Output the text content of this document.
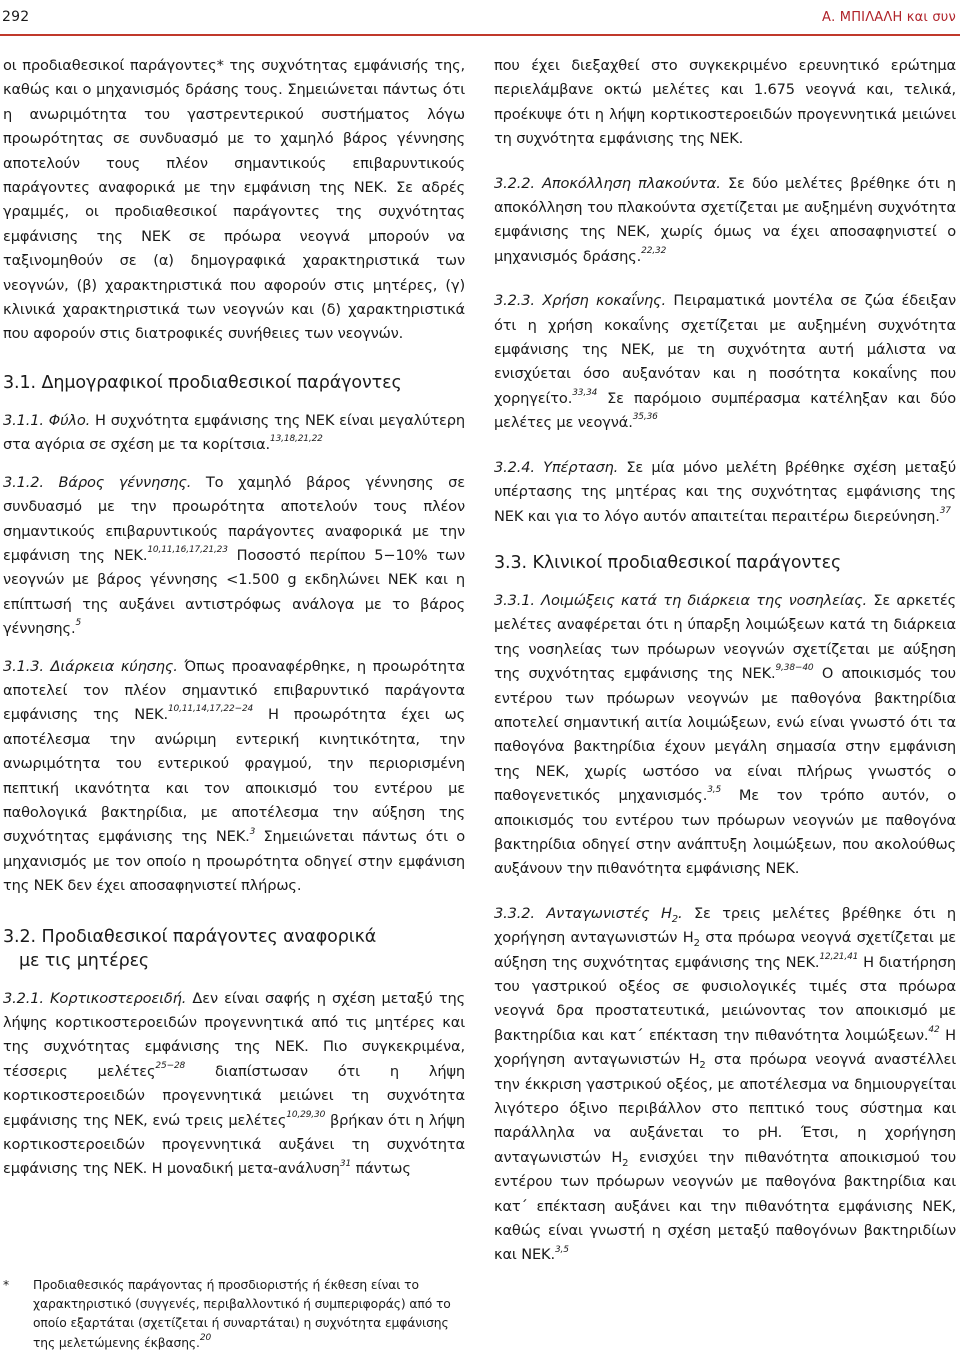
292	Α. ΜΠΙΛΑΛΗ και συν

οι προδιαθεσικοί παράγοντες* της συχνότητας εμφάνισής της, καθώς και ο μηχανισμός δράσης τους. Σημειώνεται πάντως ότι η ανωριμότητα του γαστρεντερικού συστήματος λόγω προωρότητας σε συνδυασμό με το χαμηλό βάρος γέννησης αποτελούν τους πλέον σημαντικούς επιβαρυντικούς παράγοντες αναφορικά με την εμφάνιση της ΝΕΚ. Σε αδρές γραμμές, οι προδιαθεσικοί παράγοντες της συχνότητας εμφάνισης της ΝΕΚ σε πρόωρα νεογνά μπορούν να ταξινομηθούν σε (α) δημογραφικά χαρακτηριστικά των νεογνών, (β) χαρακτηριστικά που αφορούν στις μητέρες, (γ) κλινικά χαρακτηριστικά των νεογνών και (δ) χαρακτηριστικά που αφορούν στις διατροφικές συνήθειες των νεογνών.

3.1. Δημογραφικοί προδιαθεσικοί παράγοντες

3.1.1. Φύλο. Η συχνότητα εμφάνισης της ΝΕΚ είναι μεγαλύτερη στα αγόρια σε σχέση με τα κορίτσια.$^{13,18,21,22}$

3.1.2. Βάρος γέννησης. Το χαμηλό βάρος γέννησης σε συνδυασμό με την προωρότητα αποτελούν τους πλέον σημαντικούς επιβαρυντικούς παράγοντες αναφορικά με την εμφάνιση της ΝΕΚ.$^{10,11,16,17,21,23}$ Ποσοστό περίπου 5−10% των νεογνών με βάρος γέννησης <1.500 g εκδηλώνει ΝΕΚ και η επίπτωσή της αυξάνει αντιστρόφως ανάλογα με το βάρος γέννησης.$^5$

3.1.3. Διάρκεια κύησης. Όπως προαναφέρθηκε, η προωρότητα αποτελεί τον πλέον σημαντικό επιβαρυντικό παράγοντα εμφάνισης της ΝΕΚ.$^{10,11,14,17,22-24}$ Η προωρότητα έχει ως αποτέλεσμα την ανώριμη εντερική κινητικότητα, την ανωριμότητα του εντερικού φραγμού, την περιορισμένη πεπτική ικανότητα και τον αποικισμό του εντέρου με παθολογικά βακτηρίδια, με αποτέλεσμα την αύξηση της συχνότητας εμφάνισης της ΝΕΚ.$^3$ Σημειώνεται πάντως ότι ο μηχανισμός με τον οποίο η προωρότητα οδηγεί στην εμφάνιση της ΝΕΚ δεν έχει αποσαφηνιστεί πλήρως.

3.2. Προδιαθεσικοί παράγοντες αναφορικά
με τις μητέρες

3.2.1. Κορτικοστεροειδή. Δεν είναι σαφής η σχέση μεταξύ της λήψης κορτικοστεροειδών προγεννητικά από τις μητέρες και της συχνότητας εμφάνισης της ΝΕΚ. Πιο συγκεκριμένα, τέσσερις μελέτες$^{25-28}$ διαπίστωσαν ότι η λήψη κορτικοστεροειδών προγεννητικά μειώνει τη συχνότητα εμφάνισης της ΝΕΚ, ενώ τρεις μελέτες$^{10,29,30}$ βρήκαν ότι η λήψη κορτικοστεροειδών προγεννητικά αυξάνει τη συχνότητα εμφάνισης της ΝΕΚ. Η μοναδική μετα-ανάλυση$^{31}$ πάντως

*	Προδιαθεσικός παράγοντας ή προσδιοριστής ή έκθεση είναι το χαρακτηριστικό (συγγενές, περιβαλλοντικό ή συμπεριφοράς) από το οποίο εξαρτάται (σχετίζεται ή συναρτάται) η συχνότητα εμφάνισης της μελετώμενης έκβασης.$^{20}$

που έχει διεξαχθεί στο συγκεκριμένο ερευνητικό ερώτημα περιελάμβανε οκτώ μελέτες και 1.675 νεογνά και, τελικά, προέκυψε ότι η λήψη κορτικοστεροειδών προγεννητικά μειώνει τη συχνότητα εμφάνισης της ΝΕΚ.

3.2.2. Αποκόλληση πλακούντα. Σε δύο μελέτες βρέθηκε ότι η αποκόλληση του πλακούντα σχετίζεται με αυξημένη συχνότητα εμφάνισης της ΝΕΚ, χωρίς όμως να έχει αποσαφηνιστεί ο μηχανισμός δράσης.$^{22,32}$

3.2.3. Χρήση κοκαΐνης. Πειραματικά μοντέλα σε ζώα έδειξαν ότι η χρήση κοκαΐνης σχετίζεται με αυξημένη συχνότητα εμφάνισης της ΝΕΚ, με τη συχνότητα αυτή μάλιστα να ενισχύεται όσο αυξανόταν και η ποσότητα κοκαΐνης που χορηγείτο.$^{33,34}$ Σε παρόμοιο συμπέρασμα κατέληξαν και δύο μελέτες με νεογνά.$^{35,36}$

3.2.4. Υπέρταση. Σε μία μόνο μελέτη βρέθηκε σχέση μεταξύ υπέρτασης της μητέρας και της συχνότητας εμφάνισης της ΝΕΚ και για το λόγο αυτόν απαιτείται περαιτέρω διερεύνηση.$^{37}$

3.3. Κλινικοί προδιαθεσικοί παράγοντες

3.3.1. Λοιμώξεις κατά τη διάρκεια της νοσηλείας. Σε αρκετές μελέτες αναφέρεται ότι η ύπαρξη λοιμώξεων κατά τη διάρκεια της νοσηλείας των πρόωρων νεογνών σχετίζεται με αύξηση της συχνότητας εμφάνισης της ΝΕΚ.$^{9,38-40}$ Ο αποικισμός του εντέρου των πρόωρων νεογνών με παθογόνα βακτηρίδια αποτελεί σημαντική αιτία λοιμώξεων, ενώ είναι γνωστό ότι τα παθογόνα βακτηρίδια έχουν μεγάλη σημασία στην εμφάνιση της ΝΕΚ, χωρίς ωστόσο να είναι πλήρως γνωστός ο παθογενετικός μηχανισμός.$^{3,5}$ Με τον τρόπο αυτόν, ο αποικισμός του εντέρου των πρόωρων νεογνών με παθογόνα βακτηρίδια οδηγεί στην ανάπτυξη λοιμώξεων, που ακολούθως αυξάνουν την πιθανότητα εμφάνισης ΝΕΚ.

3.3.2. Ανταγωνιστές $H_2$. Σε τρεις μελέτες βρέθηκε ότι η χορήγηση ανταγωνιστών $H_2$ στα πρόωρα νεογνά σχετίζεται με αύξηση της συχνότητας εμφάνισης της ΝΕΚ.$^{12,21,41}$ Η διατήρηση του γαστρικού οξέος σε φυσιολογικές τιμές στα πρόωρα νεογνά δρα προστατευτικά, μειώνοντας τον αποικισμό με βακτηρίδια και κατ΄ επέκταση την πιθανότητα λοιμώξεων.$^{42}$ Η χορήγηση ανταγωνιστών $H_2$ στα πρόωρα νεογνά αναστέλλει την έκκριση γαστρικού οξέος, με αποτέλεσμα να δημιουργείται λιγότερο όξινο περιβάλλον στο πεπτικό τους σύστημα και παράλληλα να αυξάνεται το pH. Έτσι, η χορήγηση ανταγωνιστών $H_2$ ενισχύει την πιθανότητα αποικισμού του εντέρου των πρόωρων νεογνών με παθογόνα βακτηρίδια και κατ΄ επέκταση αυξάνει και την πιθανότητα εμφάνισης ΝΕΚ, καθώς είναι γνωστή η σχέση μεταξύ παθογόνων βακτηριδίων και ΝΕΚ.$^{3,5}$
